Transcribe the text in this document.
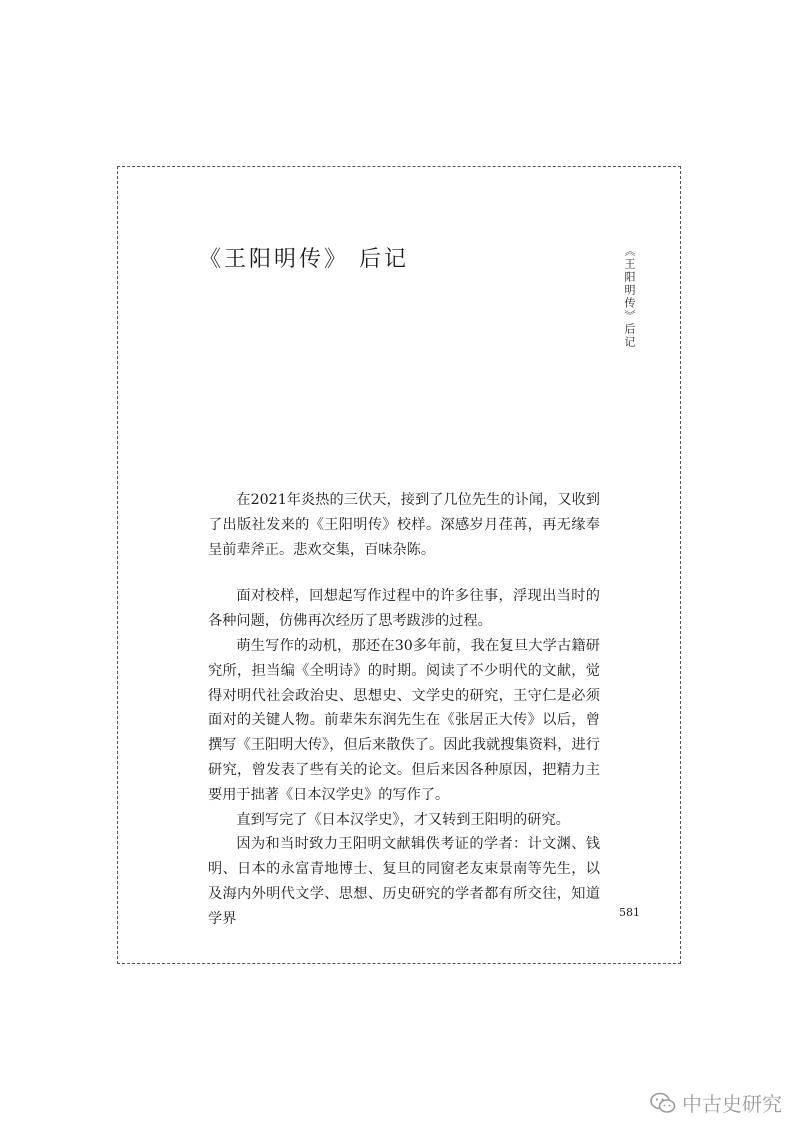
《王阳明传》 后记	《王阳明传》后记

在2021年炎热的三伏天，接到了几位先生的讣闻，又收到了出版社发来的《王阳明传》校样。深感岁月荏苒，再无缘奉呈前辈斧正。悲欢交集，百味杂陈。

面对校样，回想起写作过程中的许多往事，浮现出当时的各种问题，仿佛再次经历了思考跋涉的过程。

萌生写作的动机，那还在30多年前，我在复旦大学古籍研究所，担当编《全明诗》的时期。阅读了不少明代的文献，觉得对明代社会政治史、思想史、文学史的研究，王守仁是必须面对的关键人物。前辈朱东润先生在《张居正大传》以后，曾撰写《王阳明大传》，但后来散佚了。因此我就搜集资料，进行研究，曾发表了些有关的论文。但后来因各种原因，把精力主要用于拙著《日本汉学史》的写作了。

直到写完了《日本汉学史》，才又转到王阳明的研究。

因为和当时致力王阳明文献辑佚考证的学者：计文渊、钱明、日本的永富青地博士、复旦的同窗老友束景南等先生，以及海内外明代文学、思想、历史研究的学者都有所交往，知道学界	581
中古史研究
